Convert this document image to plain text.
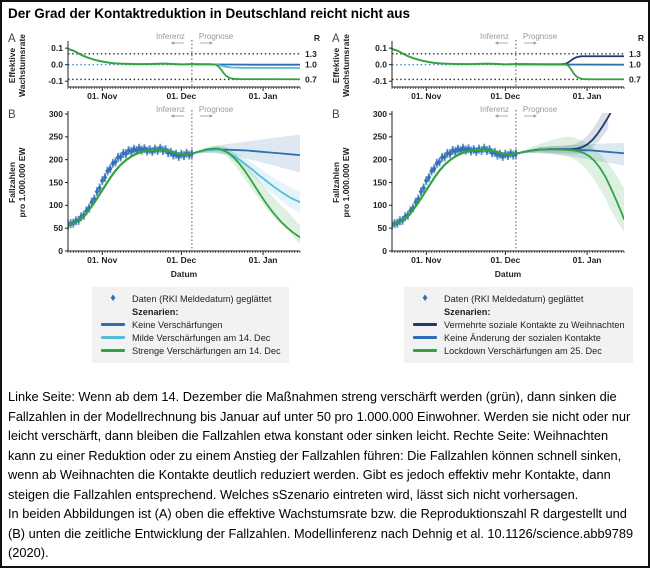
Der Grad der Kontaktreduktion in Deutschland reicht nicht aus
A
B
Inferenz Prognose
01. Nov	01. Dec	01. Jan
0.1
0.0
-0.1
R
1.3
1.0
0.7
Effektive Wachstumsrate
Inferenz Prognose
01. Nov	01. Dec	01. Jan
0
50
100
150
200
250
300
Datum
Fallzahlen pro 1.000.000 EW
♦	Daten (RKI Meldedatum) geglättet
Szenarien:
Keine Verschärfungen
Milde Verschärfungen am 14. Dec
Strenge Verschärfungen am 14. Dec
A
B
Inferenz Prognose
01. Nov	01. Dec	01. Jan
0.1
0.0
-0.1
R
1.3
1.0
0.7
Effektive Wachstumsrate
Inferenz Prognose
01. Nov	01. Dec	01. Jan
0
50
100
150
200
250
300
Datum
Fallzahlen pro 1.000.000 EW
♦	Daten (RKI Meldedatum) geglättet
Szenarien:
Vermehrte soziale Kontakte zu Weihnachten
Keine Änderung der sozialen Kontakte
Lockdown Verschärfungen am 25. Dec
Linke Seite: Wenn ab dem 14. Dezember die Maßnahmen streng verschärft werden (grün), dann sinken die
Fallzahlen in der Modellrechnung bis Januar auf unter 50 pro 1.000.000 Einwohner. Werden sie nicht oder nur
leicht verschärft, dann bleiben die Fallzahlen etwa konstant oder sinken leicht. Rechte Seite: Weihnachten
kann zu einer Reduktion oder zu einem Anstieg der Fallzahlen führen: Die Fallzahlen können schnell sinken,
wenn ab Weihnachten die Kontakte deutlich reduziert werden. Gibt es jedoch effektiv mehr Kontakte, dann
steigen die Fallzahlen entsprechend. Welches sSzenario eintreten wird, lässt sich nicht vorhersagen.
In beiden Abbildungen ist (A) oben die effektive Wachstumsrate bzw. die Reproduktionszahl R dargestellt und
(B) unten die zeitliche Entwicklung der Fallzahlen. Modellinferenz nach Dehnig et al. 10.1126/science.abb9789
(2020).
